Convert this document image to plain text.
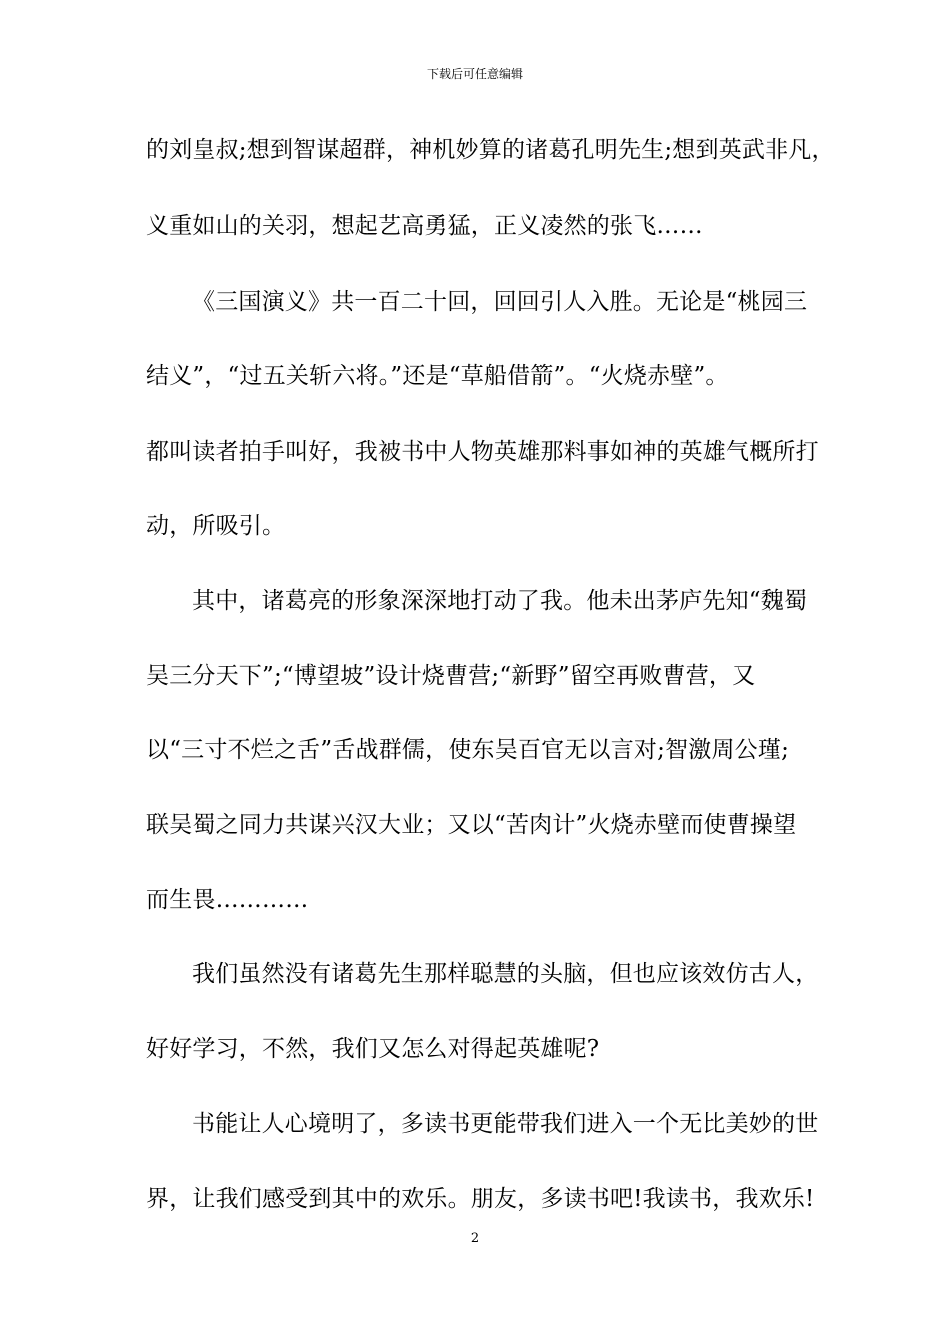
下载后可任意编辑
的刘皇叔;想到智谋超群，神机妙算的诸葛孔明先生;想到英武非凡，
义重如山的关羽，想起艺高勇猛，正义凌然的张飞……
《三国演义》共一百二十回，回回引人入胜。无论是“桃园三
结义”，“过五关斩六将。”还是“草船借箭”。“火烧赤壁”。
都叫读者拍手叫好，我被书中人物英雄那料事如神的英雄气概所打
动，所吸引。
其中，诸葛亮的形象深深地打动了我。他未出茅庐先知“魏蜀
吴三分天下”;“博望坡”设计烧曹营;“新野”留空再败曹营，又
以“三寸不烂之舌”舌战群儒，使东吴百官无以言对;智激周公瑾;
联吴蜀之同力共谋兴汉大业；又以“苦肉计”火烧赤壁而使曹操望
而生畏…………
我们虽然没有诸葛先生那样聪慧的头脑，但也应该效仿古人，
好好学习，不然，我们又怎么对得起英雄呢?
书能让人心境明了，多读书更能带我们进入一个无比美妙的世
界，让我们感受到其中的欢乐。朋友，多读书吧!我读书，我欢乐!
2
